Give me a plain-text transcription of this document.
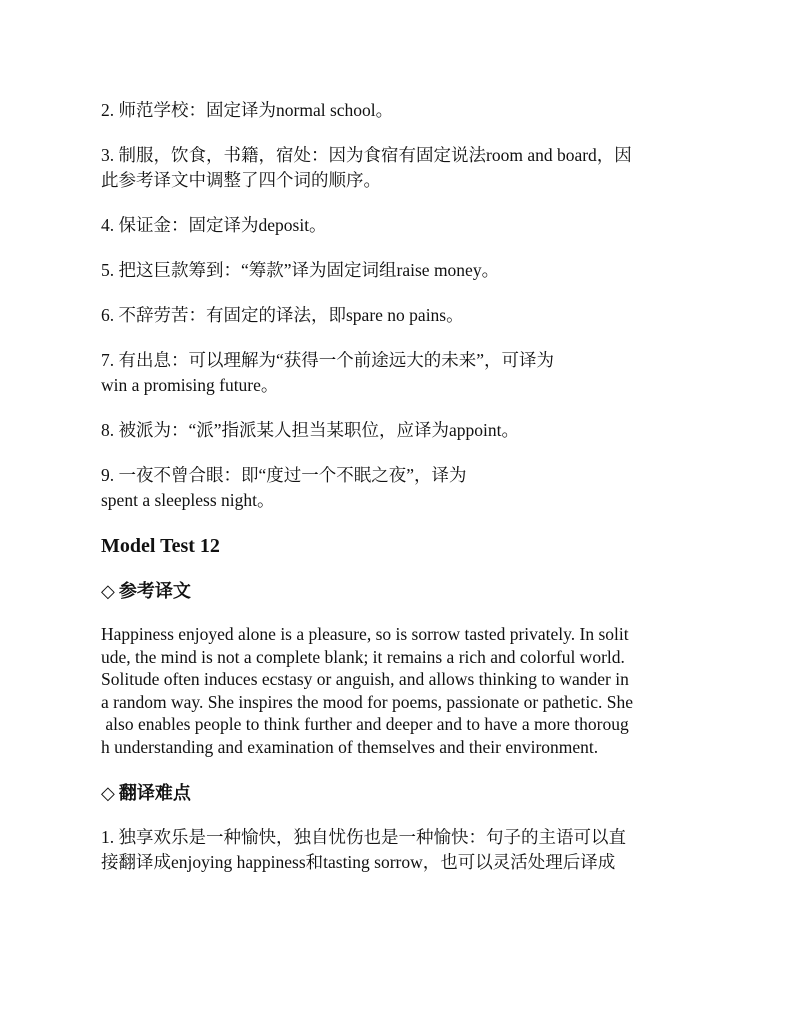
2. 师范学校：固定译为normal school。
3. 制服，饮食，书籍，宿处：因为食宿有固定说法room and board，因
此参考译文中调整了四个词的顺序。
4. 保证金：固定译为deposit。
5. 把这巨款筹到：“筹款”译为固定词组raise money。
6. 不辞劳苦：有固定的译法，即spare no pains。
7. 有出息：可以理解为“获得一个前途远大的未来”，可译为
win a promising future。
8. 被派为：“派”指派某人担当某职位，应译为appoint。
9. 一夜不曾合眼：即“度过一个不眠之夜”，译为
spent a sleepless night。
Model Test 12
◇ 参考译文
Happiness enjoyed alone is a pleasure, so is sorrow tasted privately. In solit
ude, the mind is not a complete blank; it remains a rich and colorful world.
Solitude often induces ecstasy or anguish, and allows thinking to wander in
a random way. She inspires the mood for poems, passionate or pathetic. She
also enables people to think further and deeper and to have a more thoroug
h understanding and examination of themselves and their environment.
◇ 翻译难点
1. 独享欢乐是一种愉快，独自忧伤也是一种愉快：句子的主语可以直
接翻译成enjoying happiness和tasting sorrow，也可以灵活处理后译成
